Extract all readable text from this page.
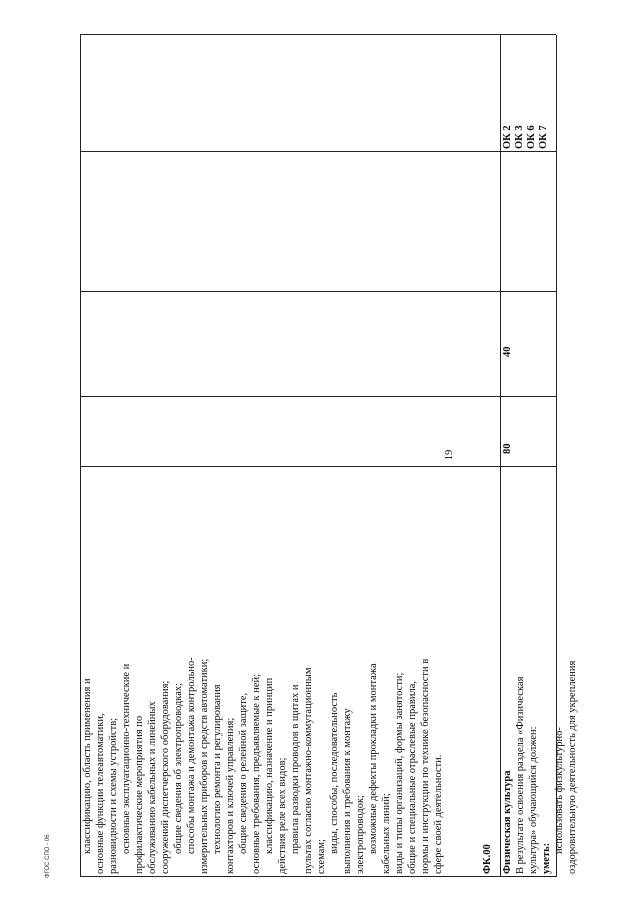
классификацию, область применения и основные функции телеавтоматики, разновидности и схемы устройств; основные эксплуатационно-технические и профилактические мероприятия по обслуживанию кабельных и линейных сооружений диспетчерского оборудования; общие сведения об электропроводках; способы монтажа и демонтажа контрольно- измерительных приборов и средств автоматики; технологию ремонта и регулирования контакторов и ключей управления; общие сведения о релейной защите, основные требования, предъявляемые к ней; классификацию, назначение и принцип действия реле всех видов; правила разводки проводов в щитах и пультах согласно монтажно-коммутационным схемам;
виды, способы, последовательность выполнения и требования к монтажу электропроводок; возможные дефекты прокладки и монтажа кабельных линий; виды и типы организаций, формы занятости; общие и специальные отраслевые правила, нормы и инструкции по технике безопасности в сфере своей деятельности.	ФК.00 Физическая культура В результате освоения раздела «Физическая культура» обучающийся должен: уметь:
использовать физкультурно- оздоровительную деятельность для укрепления
80
40
ОК 2 ОК 3 ОК 6 ОК 7
19
ФГОС СПО - 06
